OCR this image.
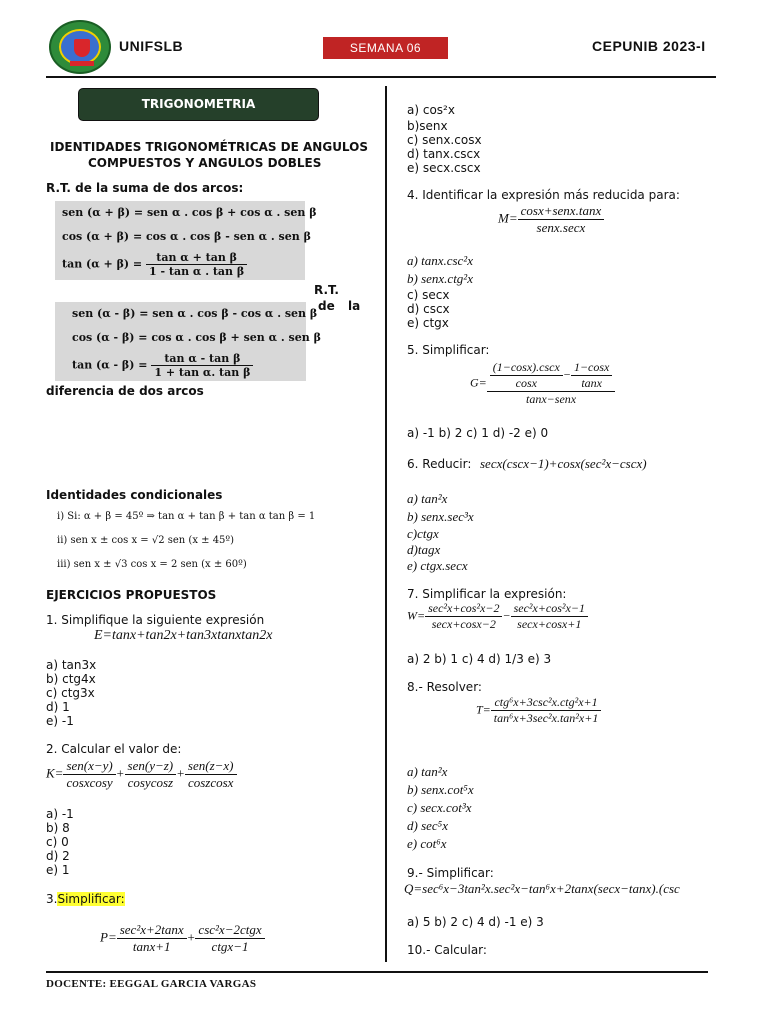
UNIFSLB	SEMANA 06	CEPUNIB 2023-I
TRIGONOMETRIA
IDENTIDADES TRIGONOMÉTRICAS DE ANGULOS
COMPUESTOS Y ANGULOS DOBLES
R.T. de la suma de dos arcos:
sen (α + β) = sen α . cos β + cos α . sen β
cos (α + β) = cos α . cos β - sen α . sen β
$\tan (\alpha + \beta) = \frac{\text{tan α + tan β}}{\text{1 - tan α . tan β}}$
R.T.
de la
sen (α - β) = sen α . cos β - cos α . sen β
cos (α - β) = cos α . cos β + sen α . sen β
$\tan (\alpha - \beta) = \frac{\text{tan α - tan β}}{\text{1 + tan α. tan β}}$
diferencia de dos arcos
Identidades condicionales
i) Si: α + β = 45º ⇒ tan α + tan β + tan α tan β = 1
ii) sen x ± cos x = √2 sen (x ± 45º)
iii) sen x ± √3 cos x = 2 sen (x ± 60º)
EJERCICIOS PROPUESTOS
1. Simplifique la siguiente expresión
E=tanx+tan2x+tan3xtanxtan2x
a) tan3x
b) ctg4x
c) ctg3x
d) 1
e) -1
2. Calcular el valor de:
$K= \frac{\text{sen(x−y)}}{\text{cosxcosy}} + \frac{\text{sen(y−z)}}{\text{cosycosz}} + \frac{\text{sen(z−x)}}{\text{coszcosx}}$
a) -1
b) 8
c) 0
d) 2
e) 1
3.Simplificar:
$P= \frac{\text{sec²x+2tanx}}{\tan x+1} + \frac{\text{csc²x−2ctgx}}{\text{ctgx−1}}$
a) cos²x
b)senx
c) senx.cosx
d) tanx.cscx
e) secx.cscx
4. Identificar la expresión más reducida para:
$M= \frac{\text{cosx+senx.tanx}}{\text{senx.secx}}$
a) tanx.csc²x
b) senx.ctg²x
c) secx
d) cscx
e) ctgx
5. Simplificar:
$G= \frac{\frac{(1-\cos x).\csc x}{\cos x} - \frac{1-\cos x}{\tan x}}{\text{tanx−senx}}$
a) -1 b) 2 c) 1 d) -2 e) 0
6. Reducir: secx(cscx−1)+cosx(sec²x−cscx)
a) tan²x
b) senx.sec³x
c)ctgx
d)tagx
e) ctgx.secx
7. Simplificar la expresión:
$W= \frac{\text{sec²x+cos²x−2}}{\sec x+\cos x-2} - \frac{\text{sec²x+cos²x−1}}{\sec x+\cos x+1}$
a) 2 b) 1 c) 4 d) 1/3 e) 3
8.- Resolver:
$T= \frac{\text{ctg⁶x+3csc²x.ctg²x+1}}{\text{tan⁶x+3sec²x.tan²x+1}}$
a) tan²x
b) senx.cot⁵x
c) secx.cot³x
d) sec⁵x
e) cot⁶x
9.- Simplificar:
Q=sec⁶x−3tan²x.sec²x−tan⁶x+2tanx(secx−tanx).(csc
a) 5 b) 2 c) 4 d) -1 e) 3
10.- Calcular:
DOCENTE: EEGGAL GARCIA VARGAS
